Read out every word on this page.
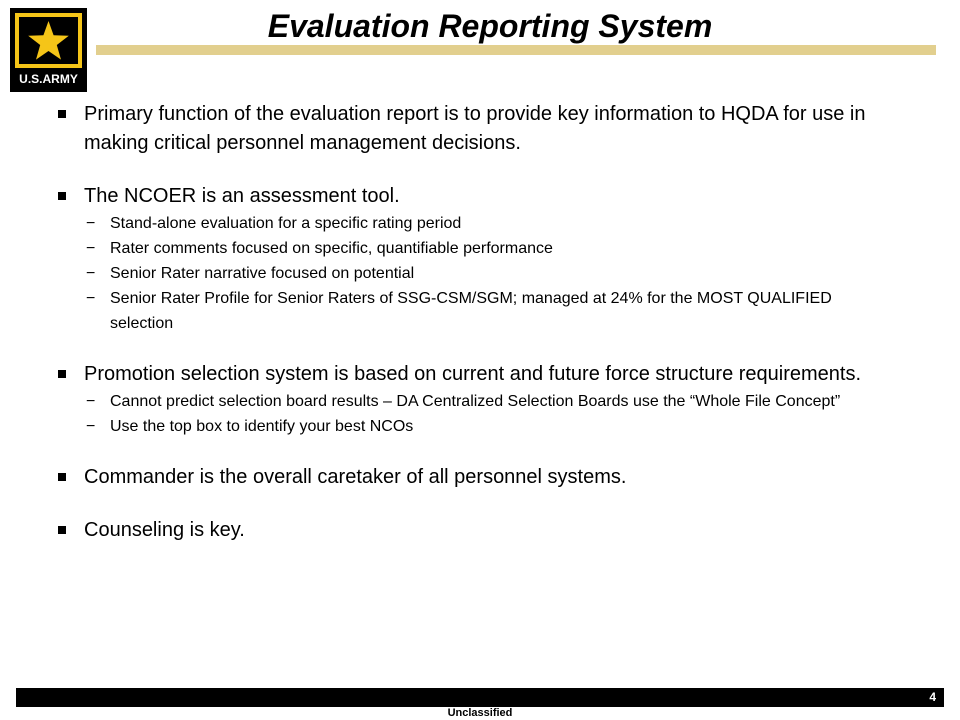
U.S.ARMY
Evaluation Reporting System
Primary function of the evaluation report is to provide key information to HQDA for use in making critical personnel management decisions.
The NCOER is an assessment tool.
− Stand-alone evaluation for a specific rating period
− Rater comments focused on specific, quantifiable performance
− Senior Rater narrative focused on potential
− Senior Rater Profile for Senior Raters of SSG-CSM/SGM; managed at 24% for the MOST QUALIFIED selection
Promotion selection system is based on current and future force structure requirements.
− Cannot predict selection board results – DA Centralized Selection Boards use the “Whole File Concept”
− Use the top box to identify your best NCOs
Commander is the overall caretaker of all personnel systems.
Counseling is key.
4
Unclassified
